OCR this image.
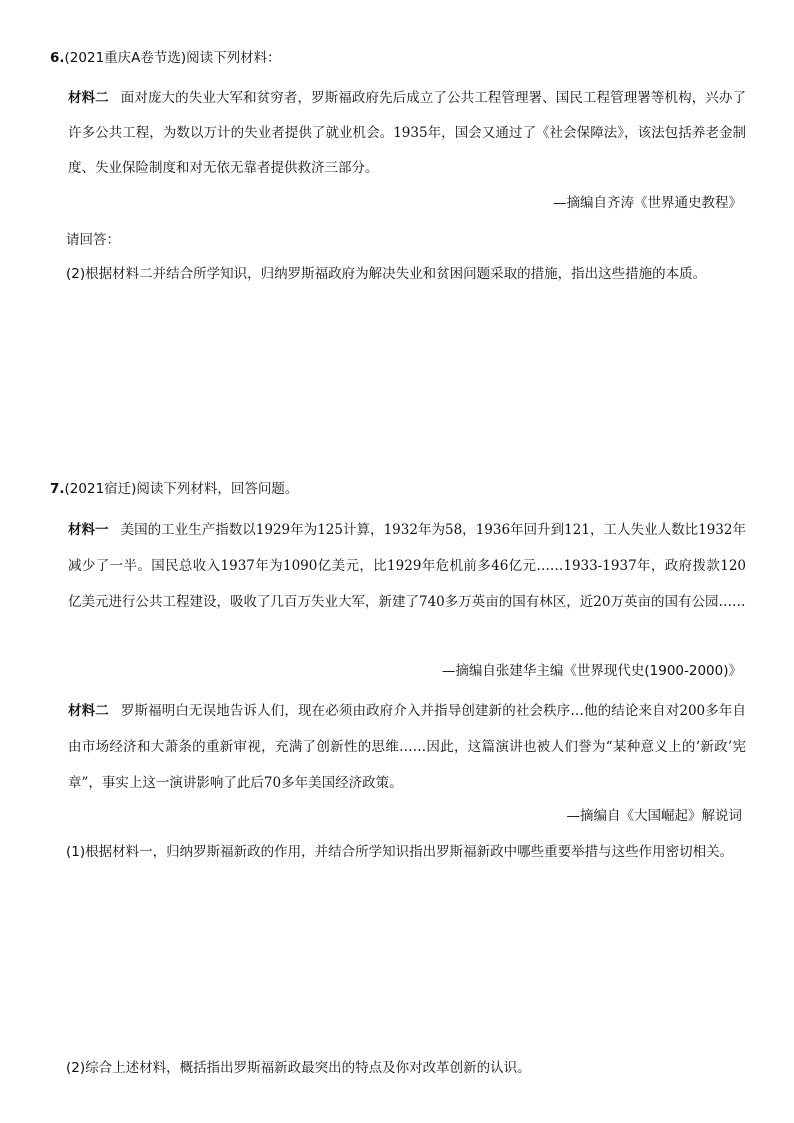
6.(2021重庆A卷节选)阅读下列材料：

材料二 面对庞大的失业大军和贫穷者，罗斯福政府先后成立了公共工程管理署、国民工程管理署等机构，兴办了许多公共工程，为数以万计的失业者提供了就业机会。1935年，国会又通过了《社会保障法》，该法包括养老金制度、失业保险制度和对无依无靠者提供救济三部分。

—摘编自齐涛《世界通史教程》
请回答：
(2)根据材料二并结合所学知识，归纳罗斯福政府为解决失业和贫困问题采取的措施，指出这些措施的本质。
7.(2021宿迁)阅读下列材料，回答问题。

材料一 美国的工业生产指数以1929年为125计算，1932年为58，1936年回升到121，工人失业人数比1932年减少了一半。国民总收入1937年为1090亿美元，比1929年危机前多46亿元……1933-1937年，政府拨款120亿美元进行公共工程建设，吸收了几百万失业大军，新建了740多万英亩的国有林区，近20万英亩的国有公园……

—摘编自张建华主编《世界现代史(1900-2000)》

材料二 罗斯福明白无误地告诉人们，现在必须由政府介入并指导创建新的社会秩序…他的结论来自对200多年自由市场经济和大萧条的重新审视，充满了创新性的思维……因此，这篇演讲也被人们誉为“某种意义上的‘新政’宪章”，事实上这一演讲影响了此后70多年美国经济政策。

—摘编自《大国崛起》解说词
(1)根据材料一，归纳罗斯福新政的作用，并结合所学知识指出罗斯福新政中哪些重要举措与这些作用密切相关。
(2)综合上述材料，概括指出罗斯福新政最突出的特点及你对改革创新的认识。
